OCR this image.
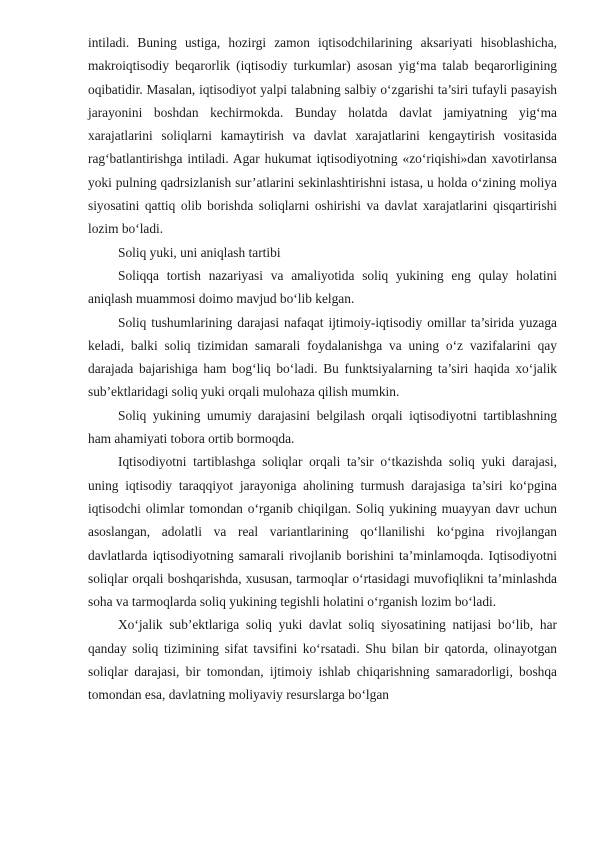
intiladi. Buning ustiga, hozirgi zamon iqtisodchilarining aksariyati hisoblashicha, makroiqtisodiy beqarorlik (iqtisodiy turkumlar) asosan yig‘ma talab beqarorligining oqibatidir. Masalan, iqtisodiyot yalpi talabning salbiy o‘zgarishi ta’siri tufayli pasayish jarayonini boshdan kechirmokda. Bunday holatda davlat jamiyatning yig‘ma xarajatlarini soliqlarni kamaytirish va davlat xarajatlarini kengaytirish vositasida rag‘batlantirishga intiladi. Agar hukumat iqtisodiyotning «zo‘riqishi»dan xavotirlansa yoki pulning qadrsizlanish sur’atlarini sekinlashtirishni istasa, u holda o‘zining moliya siyosatini qattiq olib borishda soliqlarni oshirishi va davlat xarajatlarini qisqartirishi lozim bo‘ladi.

Soliq yuki, uni aniqlash tartibi

Soliqqa tortish nazariyasi va amaliyotida soliq yukining eng qulay holatini aniqlash muammosi doimo mavjud bo‘lib kelgan.

Soliq tushumlarining darajasi nafaqat ijtimoiy-iqtisodiy omillar ta’sirida yuzaga keladi, balki soliq tizimidan samarali foydalanishga va uning o‘z vazifalarini qay darajada bajarishiga ham bog‘liq bo‘ladi. Bu funktsiyalarning ta’siri haqida xo‘jalik sub’ektlaridagi soliq yuki orqali mulohaza qilish mumkin.

Soliq yukining umumiy darajasini belgilash orqali iqtisodiyotni tartiblashning ham ahamiyati tobora ortib bormoqda.

Iqtisodiyotni tartiblashga soliqlar orqali ta’sir o‘tkazishda soliq yuki darajasi, uning iqtisodiy taraqqiyot jarayoniga aholining turmush darajasiga ta’siri ko‘pgina iqtisodchi olimlar tomondan o‘rganib chiqilgan. Soliq yukining muayyan davr uchun asoslangan, adolatli va real variantlarining qo‘llanilishi ko‘pgina rivojlangan davlatlarda iqtisodiyotning samarali rivojlanib borishini ta’minlamoqda. Iqtisodiyotni soliqlar orqali boshqarishda, xususan, tarmoqlar o‘rtasidagi muvofiqlikni ta’minlashda soha va tarmoqlarda soliq yukining tegishli holatini o‘rganish lozim bo‘ladi.

Xo‘jalik sub’ektlariga soliq yuki davlat soliq siyosatining natijasi bo‘lib, har qanday soliq tizimining sifat tavsifini ko‘rsatadi. Shu bilan bir qatorda, olinayotgan soliqlar darajasi, bir tomondan, ijtimoiy ishlab chiqarishning samaradorligi, boshqa tomondan esa, davlatning moliyaviy resurslarga bo‘lgan
